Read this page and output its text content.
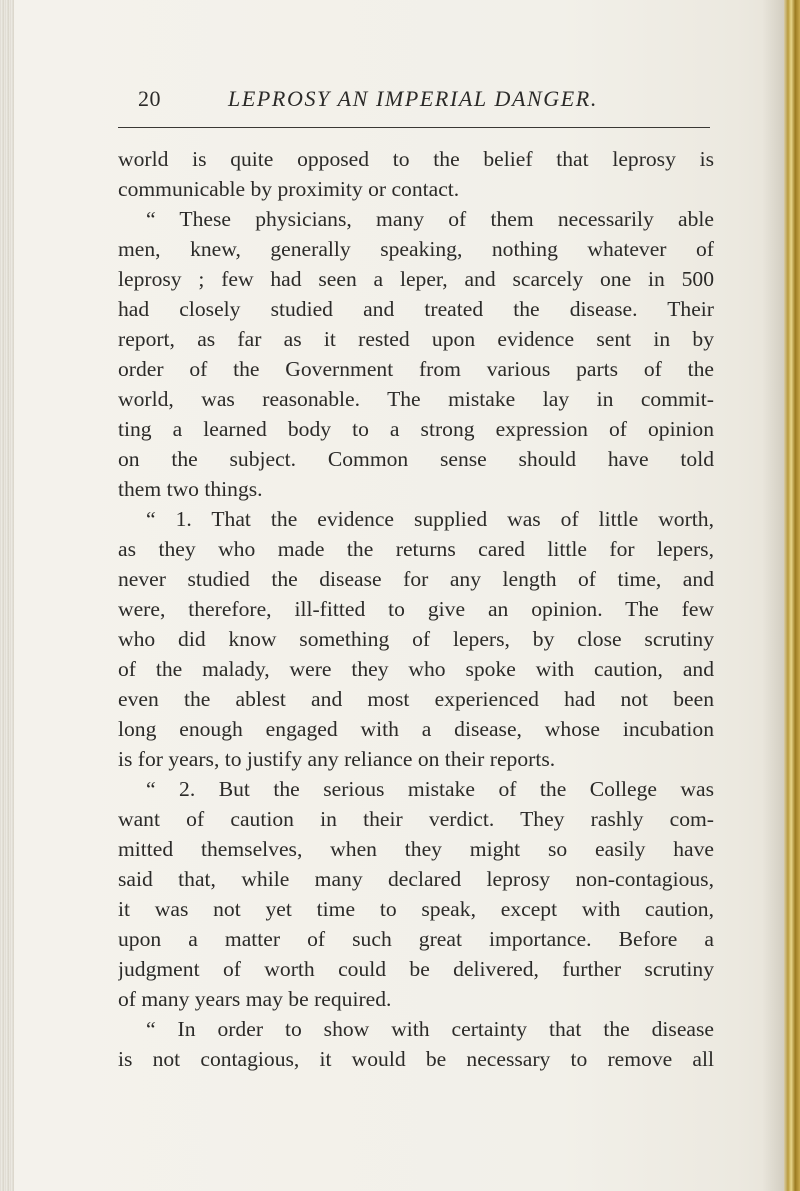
20	LEPROSY AN IMPERIAL DANGER.
world is quite opposed to the belief that leprosy is
communicable by proximity or contact.
“ These physicians, many of them necessarily able
men, knew, generally speaking, nothing whatever of
leprosy ; few had seen a leper, and scarcely one in 500
had closely studied and treated the disease. Their
report, as far as it rested upon evidence sent in by
order of the Government from various parts of the
world, was reasonable. The mistake lay in commit-
ting a learned body to a strong expression of opinion
on the subject. Common sense should have told
them two things.
“ 1. That the evidence supplied was of little worth,
as they who made the returns cared little for lepers,
never studied the disease for any length of time, and
were, therefore, ill-fitted to give an opinion. The few
who did know something of lepers, by close scrutiny
of the malady, were they who spoke with caution, and
even the ablest and most experienced had not been
long enough engaged with a disease, whose incubation
is for years, to justify any reliance on their reports.
“ 2. But the serious mistake of the College was
want of caution in their verdict. They rashly com-
mitted themselves, when they might so easily have
said that, while many declared leprosy non-contagious,
it was not yet time to speak, except with caution,
upon a matter of such great importance. Before a
judgment of worth could be delivered, further scrutiny
of many years may be required.
“ In order to show with certainty that the disease
is not contagious, it would be necessary to remove all
